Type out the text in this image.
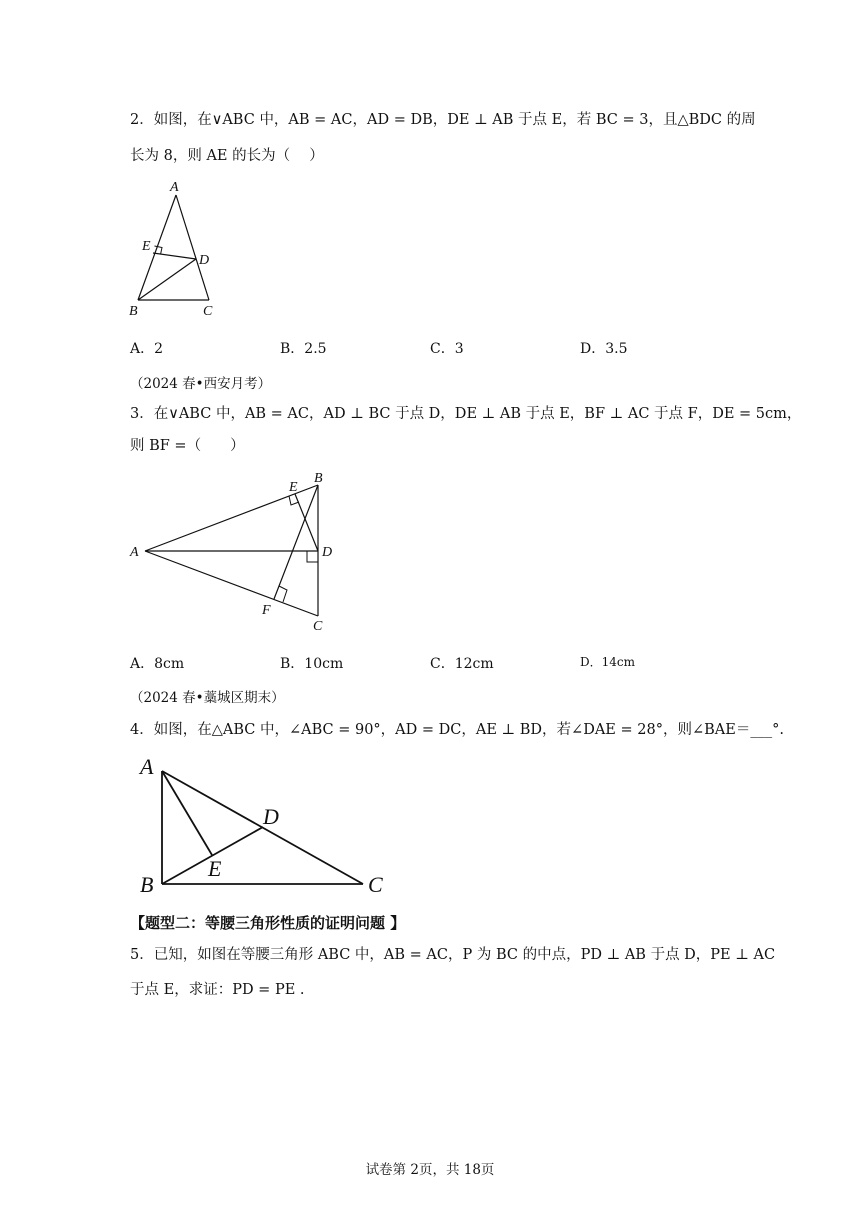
2．如图，在∨ABC 中，AB = AC，AD = DB，DE ⊥ AB 于点 E，若 BC = 3，且△BDC 的周
长为 8，则 AE 的长为（　 ）
A
E
D
B	C
A．2	B．2.5	C．3	D．3.5
（2024 春•西安月考）
3．在∨ABC 中，AB = AC，AD ⊥ BC 于点 D，DE ⊥ AB 于点 E，BF ⊥ AC 于点 F，DE = 5cm，
则 BF =（　　）
A
B
E
D
F
C
A．8cm	B．10cm	C．12cm	D．14cm
（2024 春•藁城区期末）
4．如图，在△ABC 中，∠ABC = 90°，AD = DC，AE ⊥ BD，若∠DAE = 28°，则∠BAE＝___°.
A
D
E
B	C
【题型二：等腰三角形性质的证明问题 】
5．已知，如图在等腰三角形 ABC 中，AB = AC，P 为 BC 的中点，PD ⊥ AB 于点 D，PE ⊥ AC
于点 E，求证：PD = PE .
试卷第 2页，共 18页
